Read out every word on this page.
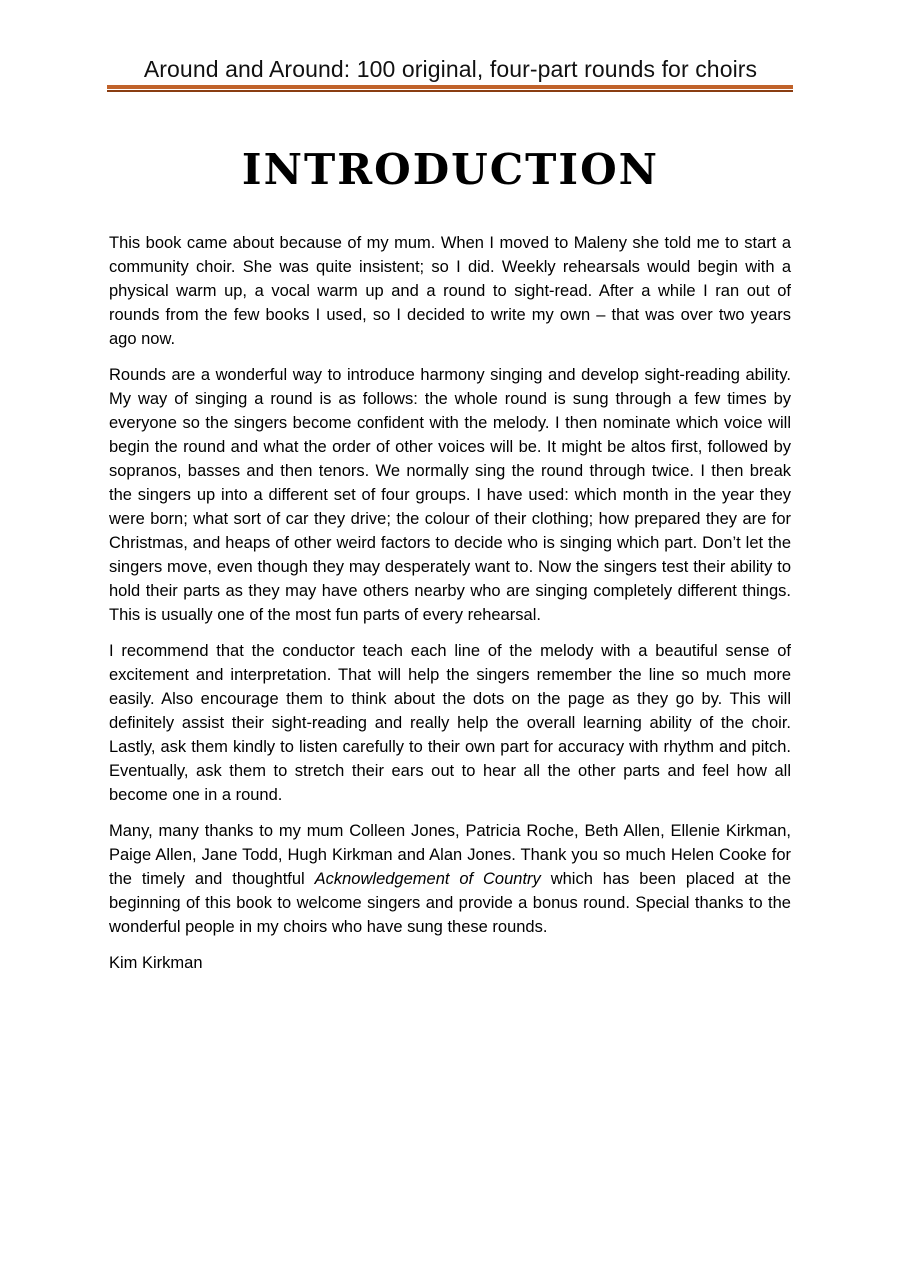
Around and Around: 100 original, four-part rounds for choirs
INTRODUCTION

This book came about because of my mum. When I moved to Maleny she told me to start a community choir. She was quite insistent; so I did. Weekly rehearsals would begin with a physical warm up, a vocal warm up and a round to sight-read. After a while I ran out of rounds from the few books I used, so I decided to write my own – that was over two years ago now.

Rounds are a wonderful way to introduce harmony singing and develop sight-reading ability. My way of singing a round is as follows: the whole round is sung through a few times by everyone so the singers become confident with the melody. I then nominate which voice will begin the round and what the order of other voices will be. It might be altos first, followed by sopranos, basses and then tenors. We normally sing the round through twice. I then break the singers up into a different set of four groups. I have used: which month in the year they were born; what sort of car they drive; the colour of their clothing; how prepared they are for Christmas, and heaps of other weird factors to decide who is singing which part. Don’t let the singers move, even though they may desperately want to. Now the singers test their ability to hold their parts as they may have others nearby who are singing completely different things. This is usually one of the most fun parts of every rehearsal.

I recommend that the conductor teach each line of the melody with a beautiful sense of excitement and interpretation. That will help the singers remember the line so much more easily. Also encourage them to think about the dots on the page as they go by. This will definitely assist their sight-reading and really help the overall learning ability of the choir. Lastly, ask them kindly to listen carefully to their own part for accuracy with rhythm and pitch. Eventually, ask them to stretch their ears out to hear all the other parts and feel how all become one in a round.

Many, many thanks to my mum Colleen Jones, Patricia Roche, Beth Allen, Ellenie Kirkman, Paige Allen, Jane Todd, Hugh Kirkman and Alan Jones. Thank you so much Helen Cooke for the timely and thoughtful Acknowledgement of Country which has been placed at the beginning of this book to welcome singers and provide a bonus round. Special thanks to the wonderful people in my choirs who have sung these rounds.

Kim Kirkman
